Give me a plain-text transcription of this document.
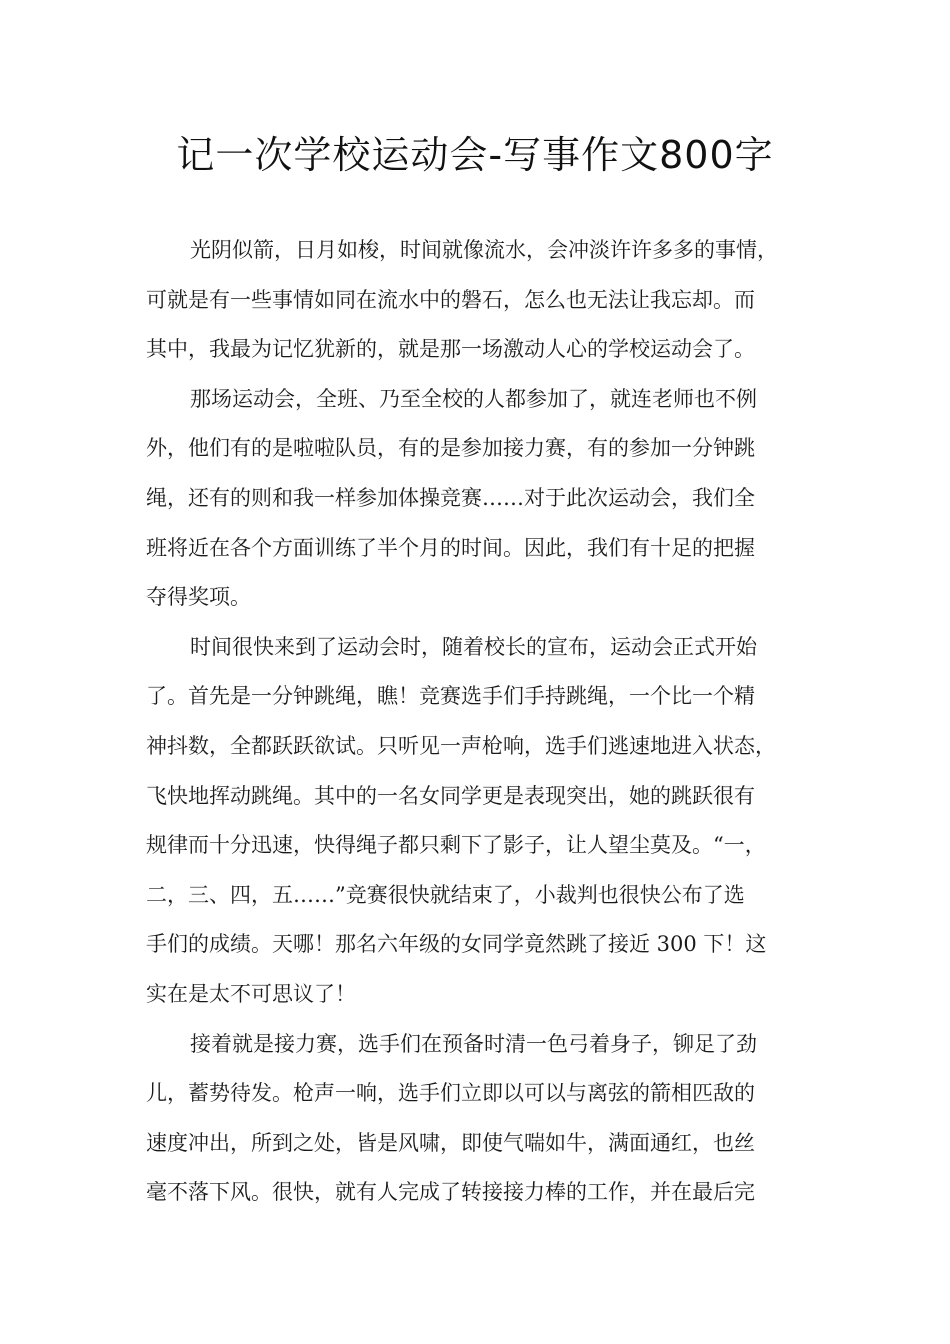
记一次学校运动会-写事作文800字
光阴似箭，日月如梭，时间就像流水，会冲淡许许多多的事情，
可就是有一些事情如同在流水中的磐石，怎么也无法让我忘却。而
其中，我最为记忆犹新的，就是那一场激动人心的学校运动会了。
那场运动会，全班、乃至全校的人都参加了，就连老师也不例
外，他们有的是啦啦队员，有的是参加接力赛，有的参加一分钟跳
绳，还有的则和我一样参加体操竞赛……对于此次运动会，我们全
班将近在各个方面训练了半个月的时间。因此，我们有十足的把握
夺得奖项。
时间很快来到了运动会时，随着校长的宣布，运动会正式开始
了。首先是一分钟跳绳，瞧！竞赛选手们手持跳绳，一个比一个精
神抖数，全都跃跃欲试。只听见一声枪响，选手们逃速地进入状态，
飞快地挥动跳绳。其中的一名女同学更是表现突出，她的跳跃很有
规律而十分迅速，快得绳子都只剩下了影子，让人望尘莫及。“一，
二，三、四，五……”竞赛很快就结束了，小裁判也很快公布了选
手们的成绩。天哪！那名六年级的女同学竟然跳了接近 300 下！这
实在是太不可思议了！
接着就是接力赛，选手们在预备时清一色弓着身子，铆足了劲
儿，蓄势待发。枪声一响，选手们立即以可以与离弦的箭相匹敌的
速度冲出，所到之处，皆是风啸，即使气喘如牛，满面通红，也丝
毫不落下风。很快，就有人完成了转接接力棒的工作，并在最后完
